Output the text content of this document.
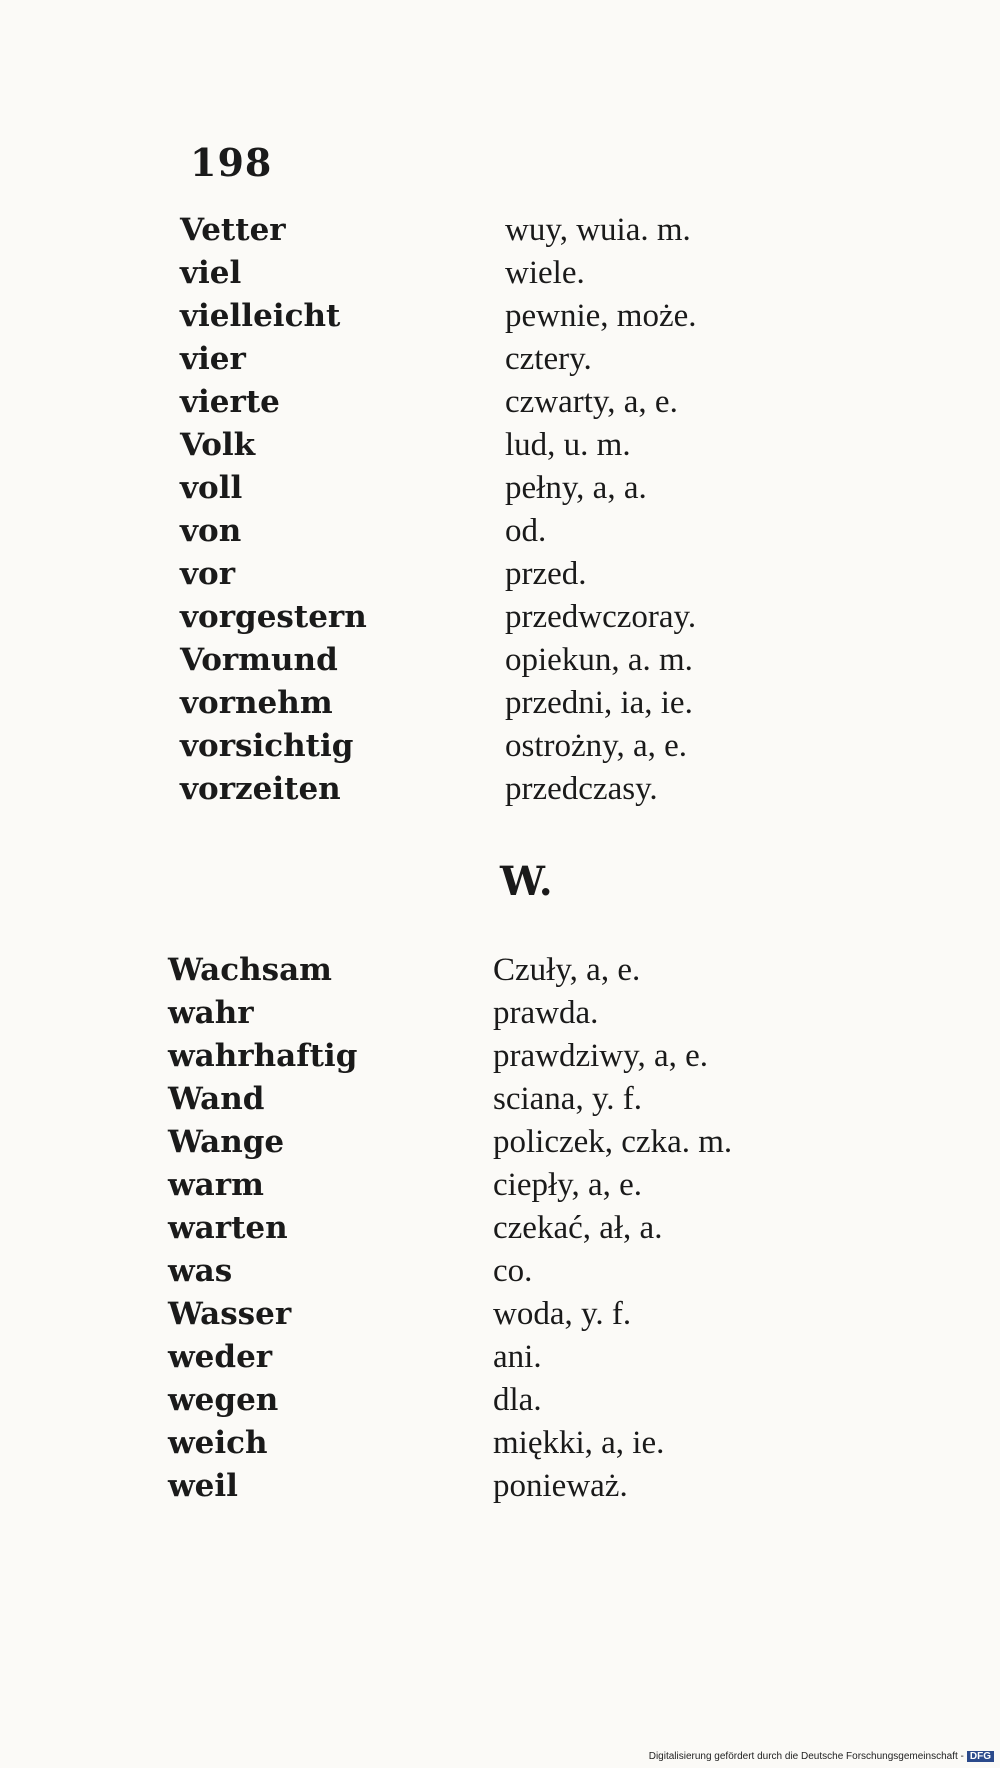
198
Vetter	wuy, wuia. m.
viel	wiele.
vielleicht	pewnie, może.
vier	cztery.
vierte	czwarty, a, e.
Volk	lud, u. m.
voll	pełny, a, a.
von	od.
vor	przed.
vorgestern	przedwczoray.
Vormund	opiekun, a. m.
vornehm	przedni, ia, ie.
vorsichtig	ostrożny, a, e.
vorzeiten	przedczasy.
W.
Wachsam	Czuły, a, e.
wahr	prawda.
wahrhaftig	prawdziwy, a, e.
Wand	sciana, y. f.
Wange	policzek, czka. m.
warm	ciepły, a, e.
warten	czekać, ał, a.
was	co.
Wasser	woda, y. f.
weder	ani.
wegen	dla.
weich	miękki, a, ie.
weil	ponieważ.
Digitalisierung gefördert durch die Deutsche Forschungsgemeinschaft - DFG
